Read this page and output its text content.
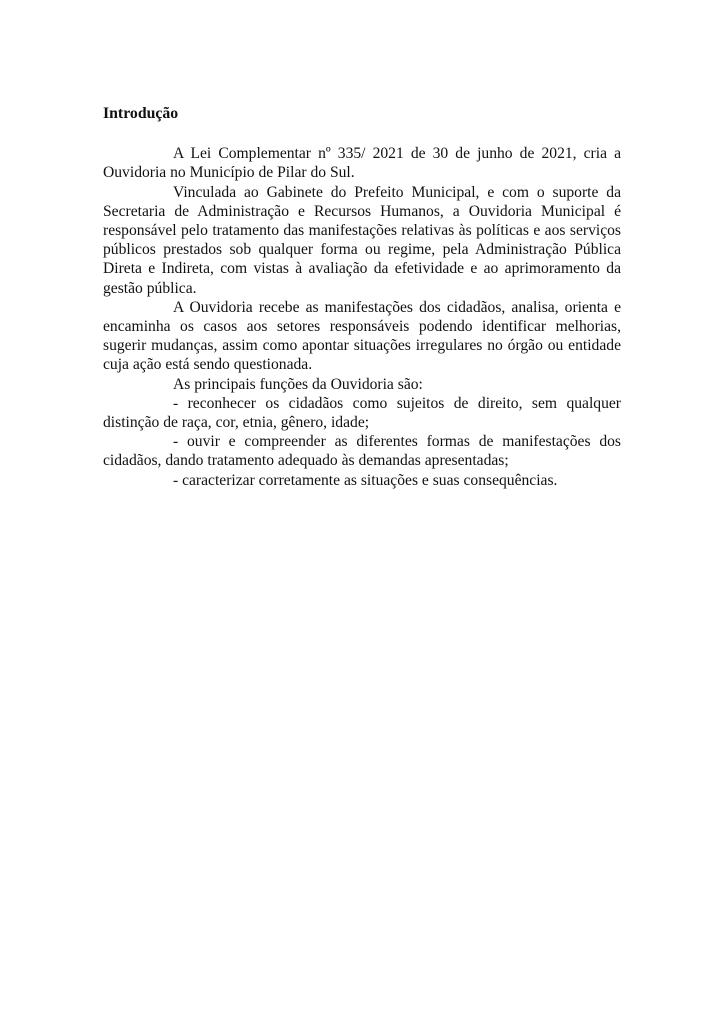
Introdução

A Lei Complementar nº 335/ 2021 de 30 de junho de 2021, cria a Ouvidoria no Município de Pilar do Sul.

Vinculada ao Gabinete do Prefeito Municipal, e com o suporte da Secretaria de Administração e Recursos Humanos, a Ouvidoria Municipal é responsável pelo tratamento das manifestações relativas às políticas e aos serviços públicos prestados sob qualquer forma ou regime, pela Administração Pública Direta e Indireta, com vistas à avaliação da efetividade e ao aprimoramento da gestão pública.

A Ouvidoria recebe as manifestações dos cidadãos, analisa, orienta e encaminha os casos aos setores responsáveis podendo identificar melhorias, sugerir mudanças, assim como apontar situações irregulares no órgão ou entidade cuja ação está sendo questionada.

As principais funções da Ouvidoria são:

- reconhecer os cidadãos como sujeitos de direito, sem qualquer distinção de raça, cor, etnia, gênero, idade;

- ouvir e compreender as diferentes formas de manifestações dos cidadãos, dando tratamento adequado às demandas apresentadas;

- caracterizar corretamente as situações e suas consequências.
